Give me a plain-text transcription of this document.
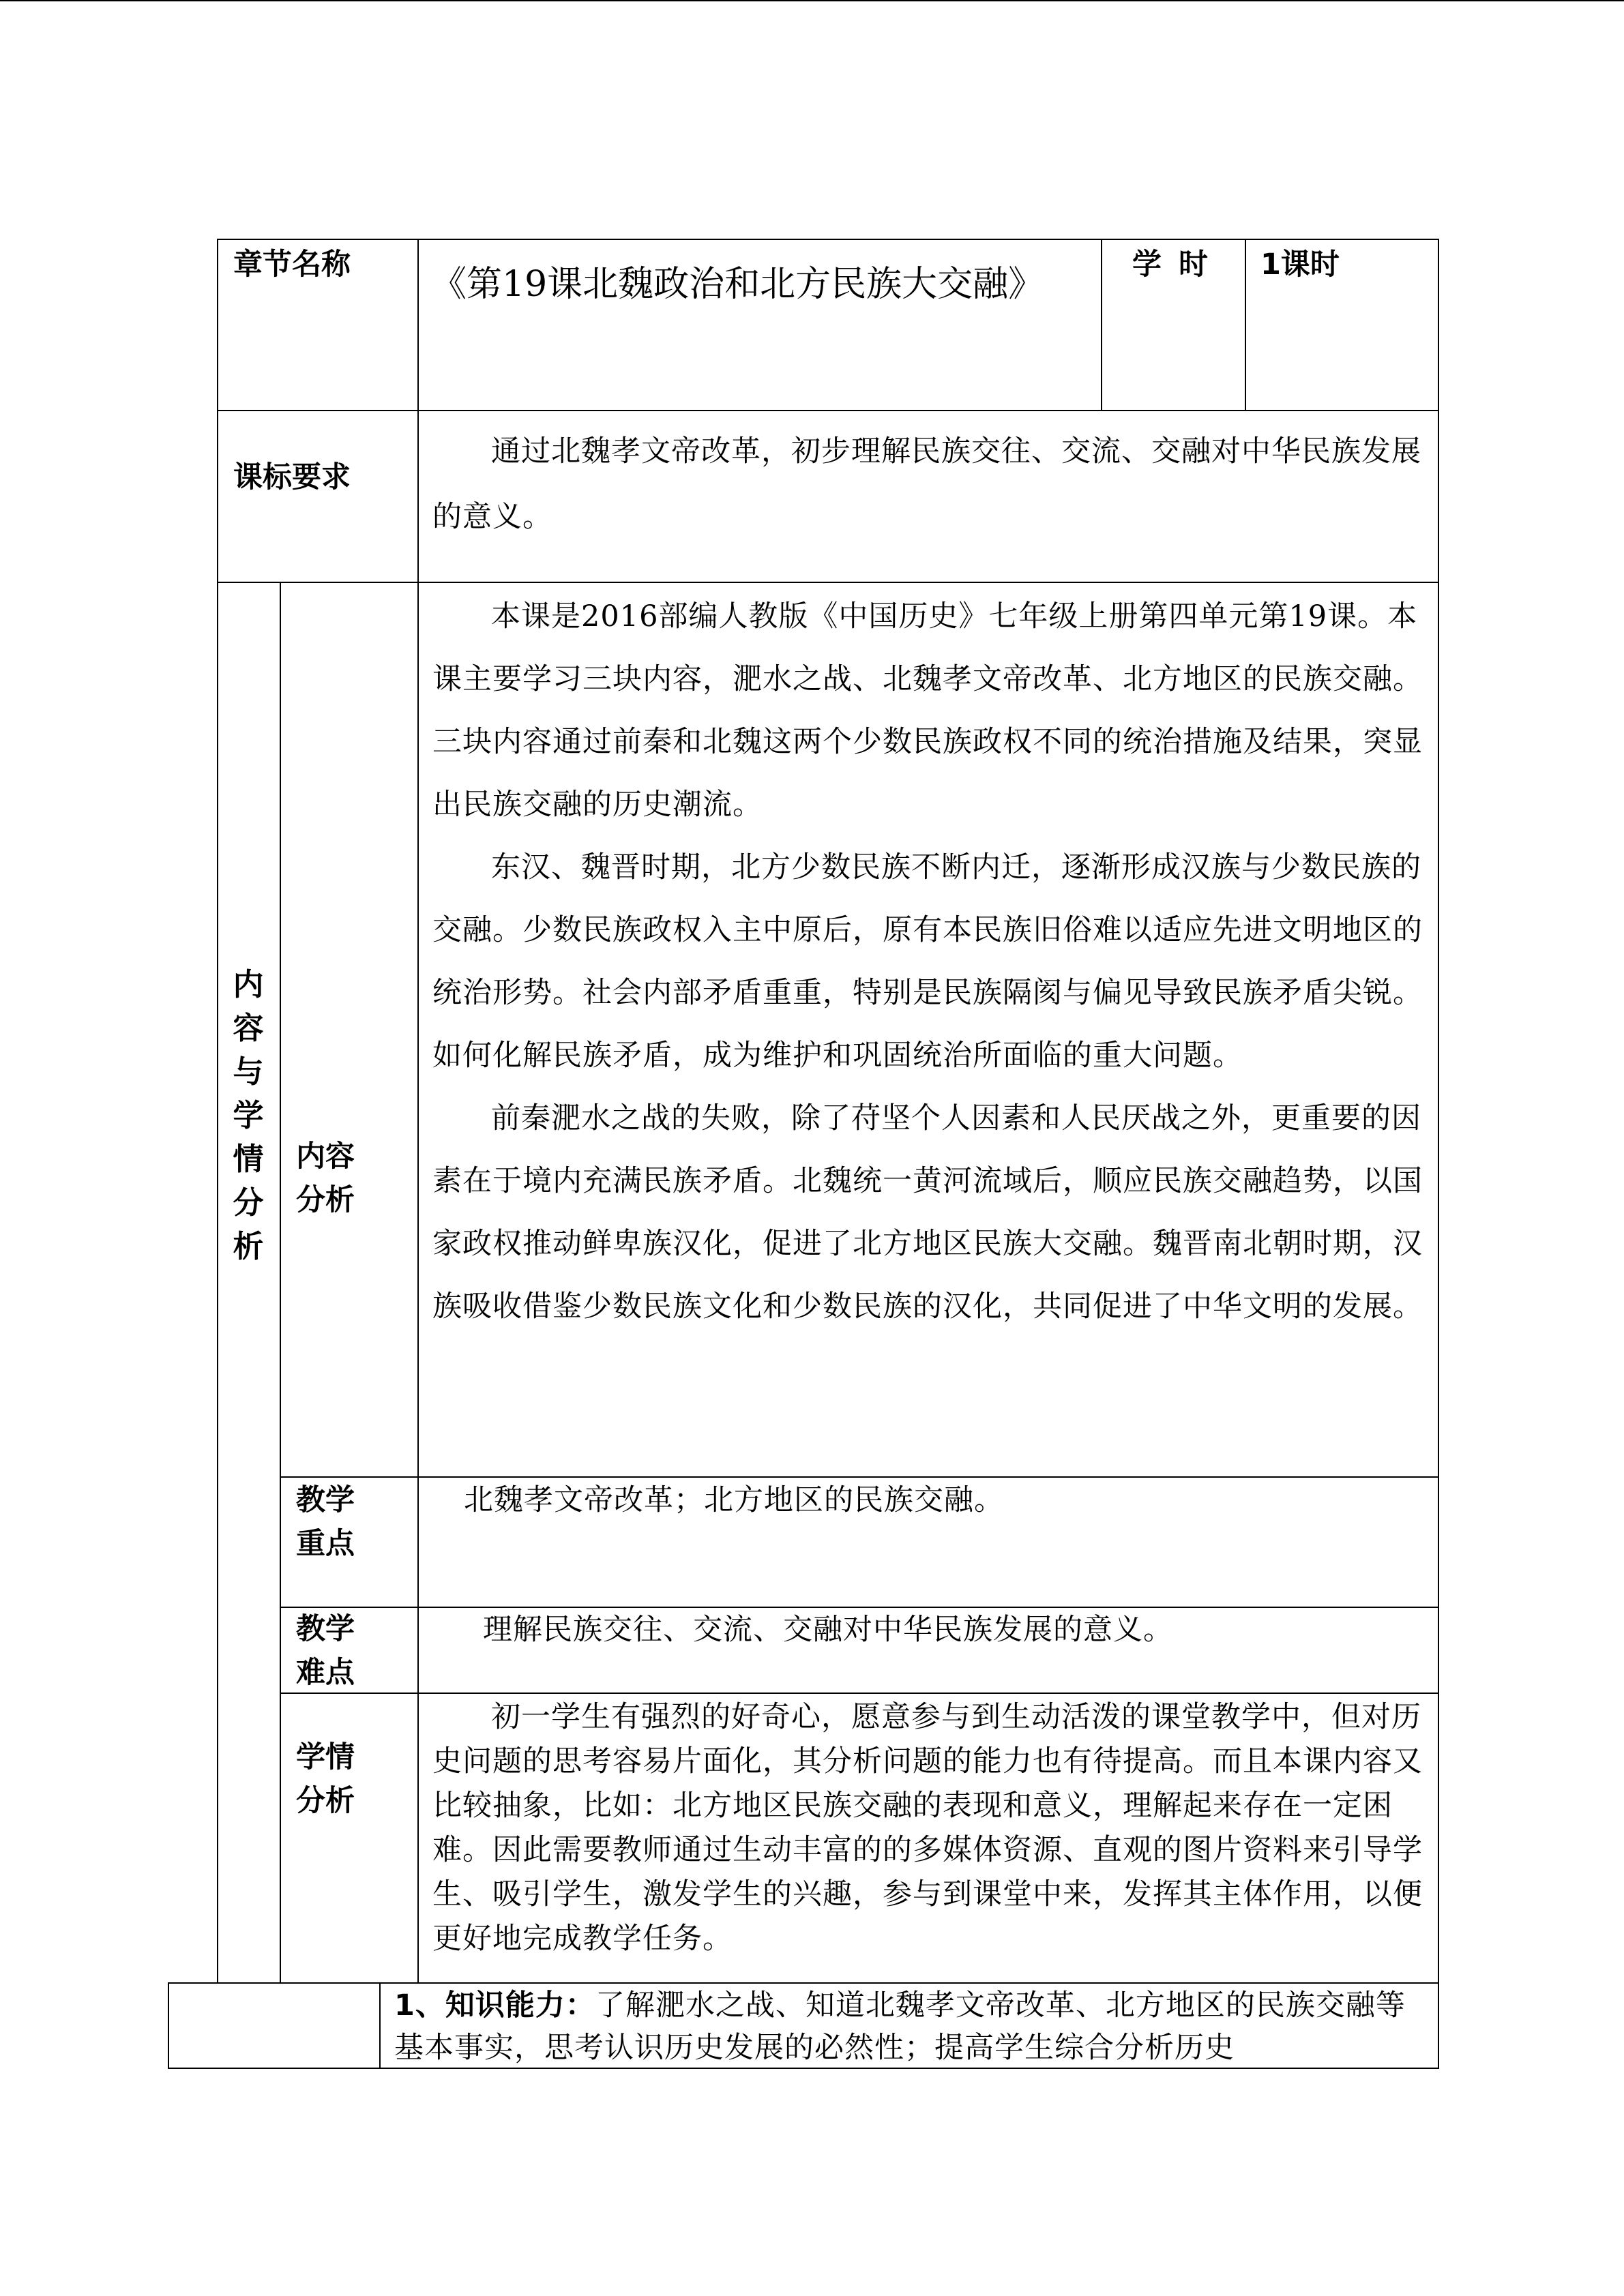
章节名称 《第19课北魏政治和北方民族大交融》	学 时 1课时
课标要求

通过北魏孝文帝改革，初步理解民族交往、交流、交融对中华民族发展的意义。

内
容
与
学
情
分
析
内容
分析

本课是2016部编人教版《中国历史》七年级上册第四单元第19课。本课主要学习三块内容，淝水之战、北魏孝文帝改革、北方地区的民族交融。三块内容通过前秦和北魏这两个少数民族政权不同的统治措施及结果，突显出民族交融的历史潮流。

东汉、魏晋时期，北方少数民族不断内迁，逐渐形成汉族与少数民族的交融。少数民族政权入主中原后，原有本民族旧俗难以适应先进文明地区的统治形势。社会内部矛盾重重，特别是民族隔阂与偏见导致民族矛盾尖锐。如何化解民族矛盾，成为维护和巩固统治所面临的重大问题。

前秦淝水之战的失败，除了苻坚个人因素和人民厌战之外，更重要的因素在于境内充满民族矛盾。北魏统一黄河流域后，顺应民族交融趋势，以国家政权推动鲜卑族汉化，促进了北方地区民族大交融。魏晋南北朝时期，汉族吸收借鉴少数民族文化和少数民族的汉化，共同促进了中华文明的发展。

教学
重点
北魏孝文帝改革；北方地区的民族交融。
教学
难点
理解民族交往、交流、交融对中华民族发展的意义。
学情
分析

初一学生有强烈的好奇心，愿意参与到生动活泼的课堂教学中，但对历史问题的思考容易片面化，其分析问题的能力也有待提高。而且本课内容又比较抽象，比如：北方地区民族交融的表现和意义，理解起来存在一定困难。因此需要教师通过生动丰富的的多媒体资源、直观的图片资料来引导学生、吸引学生，激发学生的兴趣，参与到课堂中来，发挥其主体作用，以便更好地完成教学任务。

1、知识能力：了解淝水之战、知道北魏孝文帝改革、北方地区的民族交融等基本事实，思考认识历史发展的必然性；提高学生综合分析历史
